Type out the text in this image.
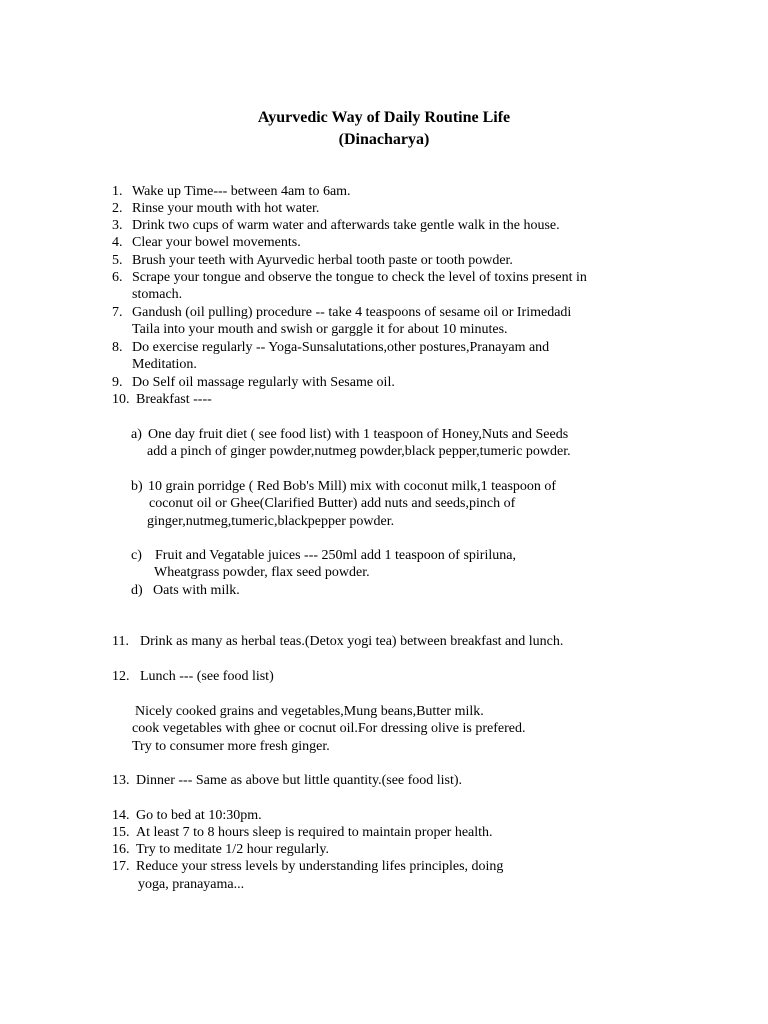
Ayurvedic Way of Daily Routine Life
(Dinacharya)
1. Wake up Time--- between 4am to 6am.
2. Rinse your mouth with hot water.
3. Drink two cups of warm water and afterwards take gentle walk in the house.
4. Clear your bowel movements.
5. Brush your teeth with Ayurvedic herbal tooth paste or tooth powder.
6. Scrape your tongue and observe the tongue to check the level of toxins present in
stomach.
7. Gandush (oil pulling) procedure -- take 4 teaspoons of sesame oil or Irimedadi
Taila into your mouth and swish or garggle it for about 10 minutes.
8. Do exercise regularly -- Yoga-Sunsalutations,other postures,Pranayam and
Meditation.
9. Do Self oil massage regularly with Sesame oil.
10. Breakfast ----
a) One day fruit diet ( see food list) with 1 teaspoon of Honey,Nuts and Seeds
add a pinch of ginger powder,nutmeg powder,black pepper,tumeric powder.
b) 10 grain porridge ( Red Bob's Mill) mix with coconut milk,1 teaspoon of
coconut oil or Ghee(Clarified Butter) add nuts and seeds,pinch of
ginger,nutmeg,tumeric,blackpepper powder.
c) Fruit and Vegatable juices --- 250ml add 1 teaspoon of spiriluna,
Wheatgrass powder, flax seed powder.
d) Oats with milk.
11. Drink as many as herbal teas.(Detox yogi tea) between breakfast and lunch.
12. Lunch --- (see food list)
Nicely cooked grains and vegetables,Mung beans,Butter milk.
cook vegetables with ghee or cocnut oil.For dressing olive is prefered.
Try to consumer more fresh ginger.
13. Dinner --- Same as above but little quantity.(see food list).
14. Go to bed at 10:30pm.
15. At least 7 to 8 hours sleep is required to maintain proper health.
16. Try to meditate 1/2 hour regularly.
17. Reduce your stress levels by understanding lifes principles, doing
yoga, pranayama...
